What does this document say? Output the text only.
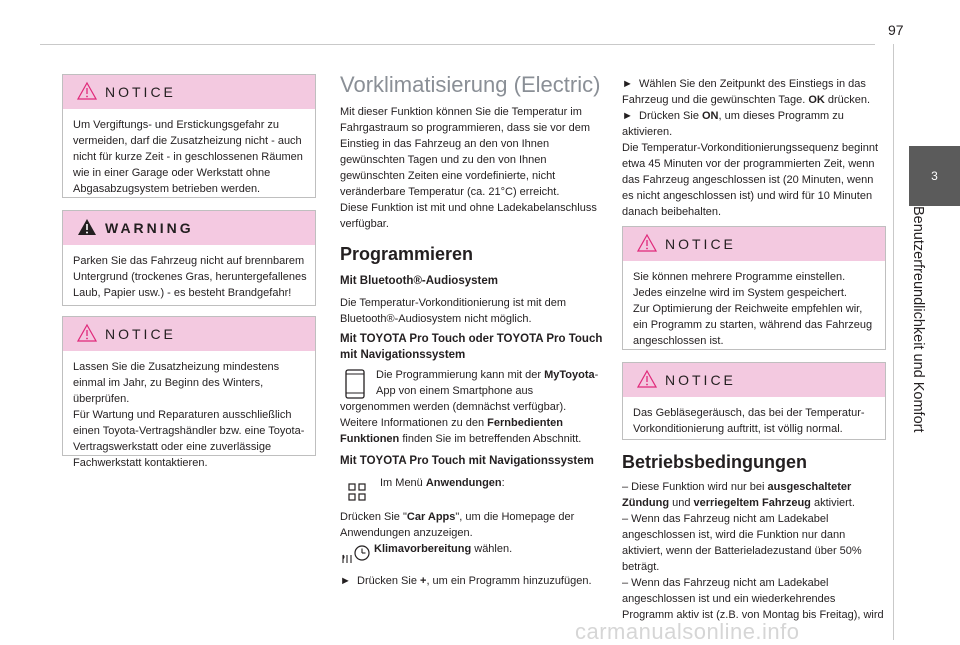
97
3
Benutzerfreundlichkeit und Komfort
NOTICE
Um Vergiftungs- und Erstickungsgefahr zu vermeiden, darf die Zusatzheizung nicht - auch nicht für kurze Zeit - in geschlossenen Räumen wie in einer Garage oder Werkstatt ohne Abgasabzugsystem betrieben werden.
WARNING
Parken Sie das Fahrzeug nicht auf brennbarem Untergrund (trockenes Gras, heruntergefallenes Laub, Papier usw.) - es besteht Brandgefahr!
NOTICE
Lassen Sie die Zusatzheizung mindestens einmal im Jahr, zu Beginn des Winters, überprüfen.
Für Wartung und Reparaturen ausschließlich einen Toyota-Vertragshändler bzw. eine Toyota-Vertragswerkstatt oder eine zuverlässige Fachwerkstatt kontaktieren.
Vorklimatisierung (Electric)
Mit dieser Funktion können Sie die Temperatur im Fahrgastraum so programmieren, dass sie vor dem Einstieg in das Fahrzeug an den von Ihnen gewünschten Tagen und zu den von Ihnen gewünschten Zeiten eine vordefinierte, nicht veränderbare Temperatur (ca. 21°C) erreicht.
Diese Funktion ist mit und ohne Ladekabelanschluss verfügbar.
Programmieren
Mit Bluetooth®-Audiosystem
Die Temperatur-Vorkonditionierung ist mit dem Bluetooth®-Audiosystem nicht möglich.
Mit TOYOTA Pro Touch oder TOYOTA Pro Touch mit Navigationssystem
Die Programmierung kann mit der MyToyota-App von einem Smartphone aus vorgenommen werden (demnächst verfügbar).
Weitere Informationen zu den Fernbedienten Funktionen finden Sie im betreffenden Abschnitt.
Mit TOYOTA Pro Touch mit Navigationssystem
Im Menü Anwendungen:
Drücken Sie "Car Apps", um die Homepage der Anwendungen anzuzeigen.
Klimavorbereitung wählen.
► Drücken Sie +, um ein Programm hinzuzufügen.
► Wählen Sie den Zeitpunkt des Einstiegs in das Fahrzeug und die gewünschten Tage. OK drücken.
► Drücken Sie ON, um dieses Programm zu aktivieren.
Die Temperatur-Vorkonditionierungssequenz beginnt etwa 45 Minuten vor der programmierten Zeit, wenn das Fahrzeug angeschlossen ist (20 Minuten, wenn es nicht angeschlossen ist) und wird für 10 Minuten danach beibehalten.
NOTICE
Sie können mehrere Programme einstellen.
Jedes einzelne wird im System gespeichert.
Zur Optimierung der Reichweite empfehlen wir, ein Programm zu starten, während das Fahrzeug angeschlossen ist.
NOTICE
Das Gebläsegeräusch, das bei der Temperatur-Vorkonditionierung auftritt, ist völlig normal.
Betriebsbedingungen
– Diese Funktion wird nur bei ausgeschalteter Zündung und verriegeltem Fahrzeug aktiviert.
– Wenn das Fahrzeug nicht am Ladekabel angeschlossen ist, wird die Funktion nur dann aktiviert, wenn der Batterieladezustand über 50% beträgt.
– Wenn das Fahrzeug nicht am Ladekabel angeschlossen ist und ein wiederkehrendes Programm aktiv ist (z.B. von Montag bis Freitag), wird
carmanualsonline.info
